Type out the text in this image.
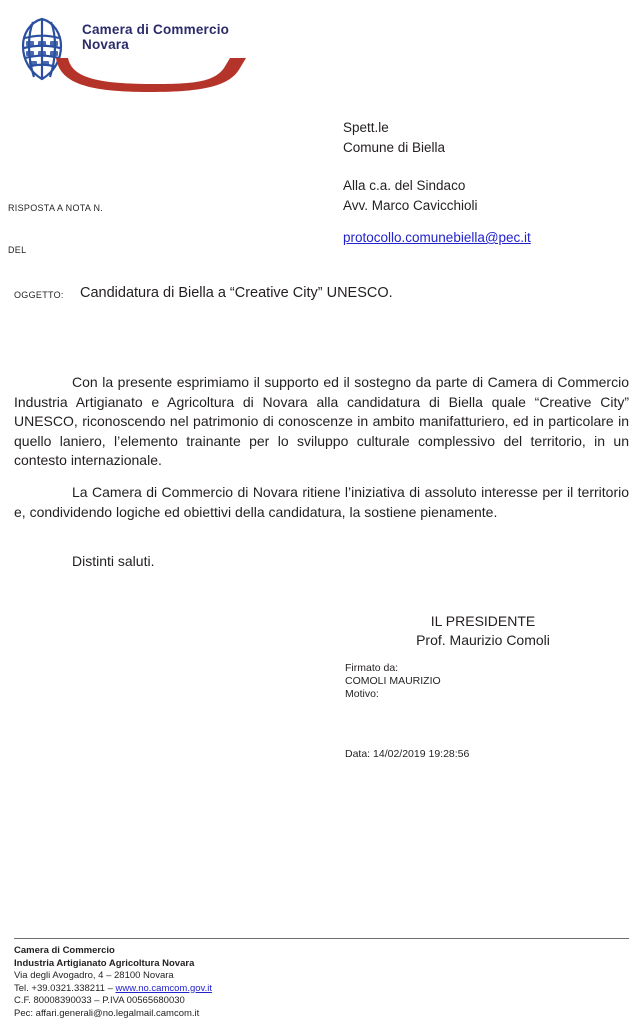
Camera di Commercio
Novara
Spett.le
Comune di Biella
Alla c.a. del Sindaco
Avv. Marco Cavicchioli
protocollo.comunebiella@pec.it
RISPOSTA A NOTA N.
DEL
OGGETTO: Candidatura di Biella a “Creative City” UNESCO.
Con la presente esprimiamo il supporto ed il sostegno da parte di Camera di Commercio Industria Artigianato e Agricoltura di Novara alla candidatura di Biella quale “Creative City” UNESCO, riconoscendo nel patrimonio di conoscenze in ambito manifatturiero, ed in particolare in quello laniero, l’elemento trainante per lo sviluppo culturale complessivo del territorio, in un contesto internazionale.
La Camera di Commercio di Novara ritiene l’iniziativa di assoluto interesse per il territorio e, condividendo logiche ed obiettivi della candidatura, la sostiene pienamente.
Distinti saluti.
IL PRESIDENTE
Prof. Maurizio Comoli
Firmato da:
COMOLI MAURIZIO
Motivo:
Data: 14/02/2019 19:28:56
Camera di Commercio
Industria Artigianato Agricoltura Novara
Via degli Avogadro, 4 – 28100 Novara
Tel. +39.0321.338211 – www.no.camcom.gov.it
C.F. 80008390033 – P.IVA 00565680030
Pec: affari.generali@no.legalmail.camcom.it
